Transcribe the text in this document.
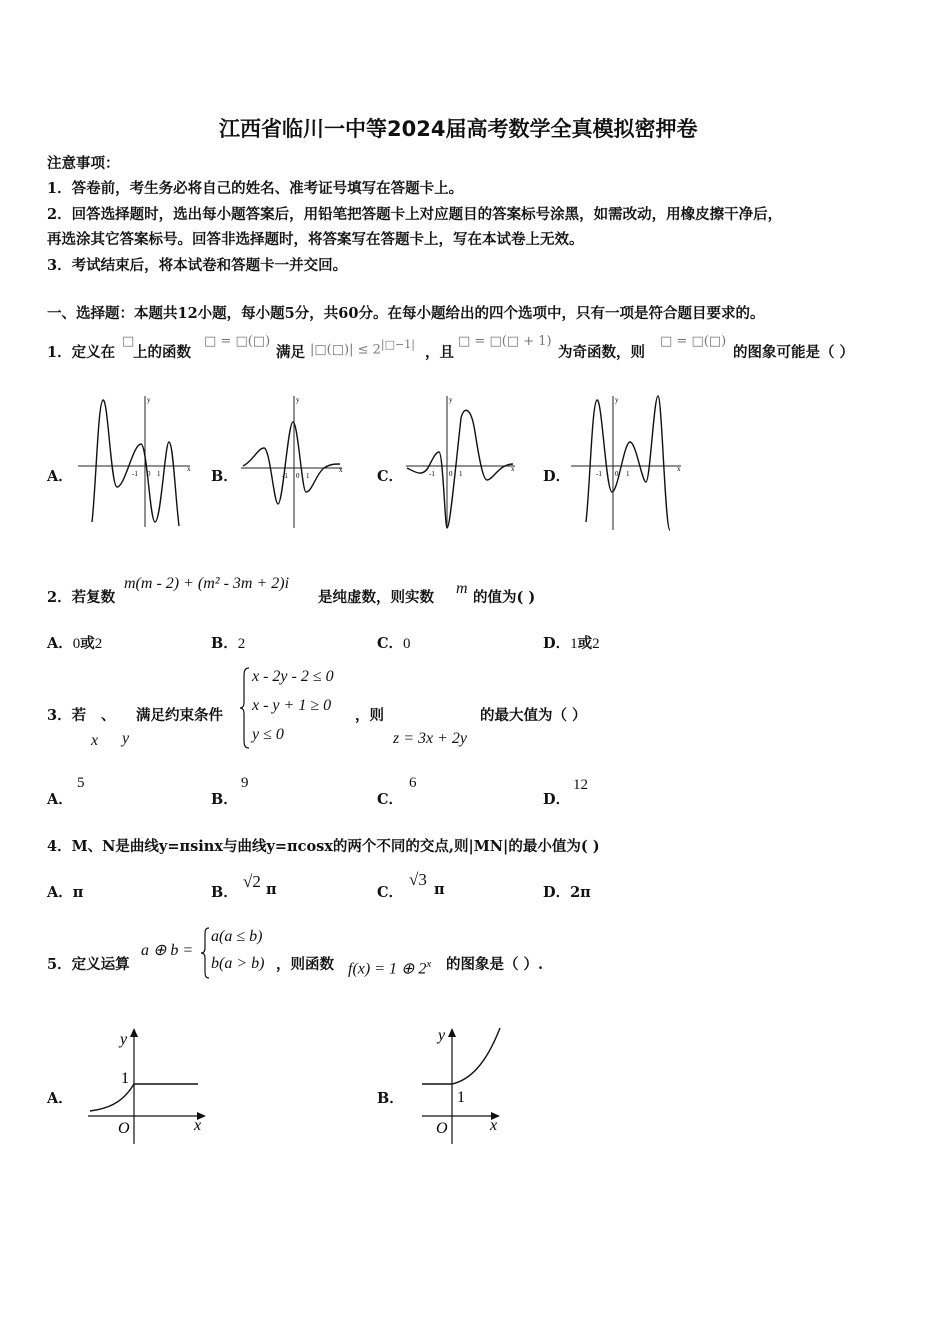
江西省临川一中等2024届高考数学全真模拟密押卷
注意事项：
1．答卷前，考生务必将自己的姓名、准考证号填写在答题卡上。
2．回答选择题时，选出每小题答案后，用铅笔把答题卡上对应题目的答案标号涂黑，如需改动，用橡皮擦干净后，
再选涂其它答案标号。回答非选择题时，将答案写在答题卡上，写在本试卷上无效。
3．考试结束后，将本试卷和答题卡一并交回。
一、选择题：本题共12小题，每小题5分，共60分。在每小题给出的四个选项中，只有一项是符合题目要求的。
1．定义在
□
上的函数
□ = □(□)
满足 |□(□)| ≤ $2^{|□-1|}$ ，且
□ = □(□ + 1)
为奇函数，则
□ = □(□)
的图象可能是（ ）
A．	B．	C．	D．
-1 0 1
x
y
-1 0 1
x
y
-1 0 1
x
y
-1 0 1
x
y
2．若复数
m(m - 2) + (m² - 3m + 2)i
是纯虚数，则实数
m
的值为( )
A．0或2	B．2	C．0	D．1或2
3．若 、 满足约束条件
x y
x - 2y - 2 ≤ 0
x - y + 1 ≥ 0
y ≤ 0
，则
z = 3x + 2y
的最大值为（ ）
A．
5
B．
9
C．
6
D．
12
4．M、N是曲线y=πsinx与曲线y=πcosx的两个不同的交点,则|MN|的最小值为( )
A．π	B．
√2 π	C．
√3
π	D．2π
5．定义运算
a ⊕ b =
a(a ≤ b)
b(a > b) ，则函数 f(x) = 1 ⊕ 2$^x$ 的图象是（ ）.
A．	B．
y
1
O	x
y
1
O	x
